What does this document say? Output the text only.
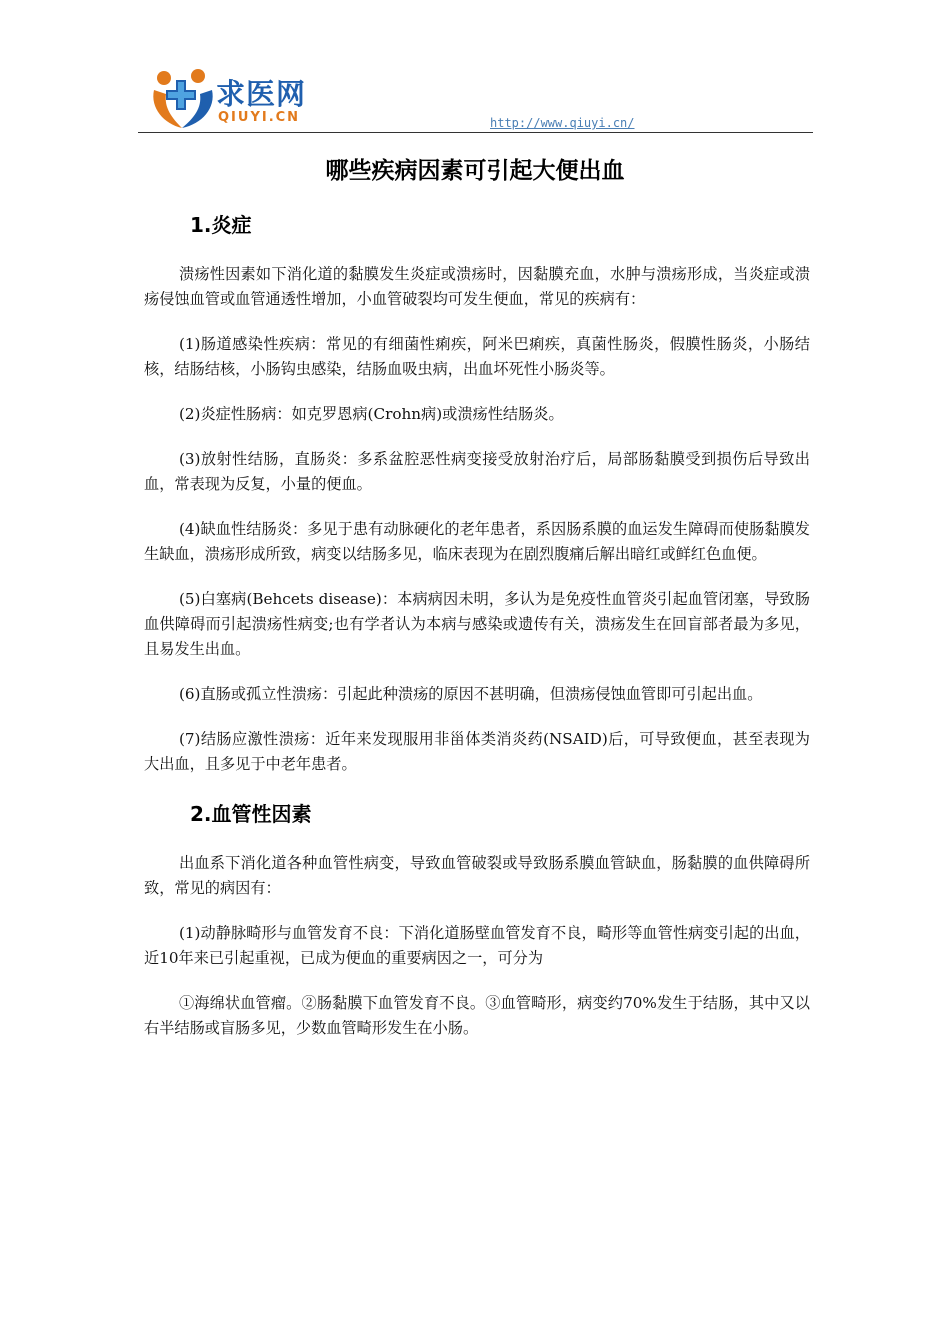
求医网
QIUYI.CN	http://www.qiuyi.cn/
哪些疾病因素可引起大便出血
1.炎症

溃疡性因素如下消化道的黏膜发生炎症或溃疡时，因黏膜充血，水肿与溃疡形成，当炎症或溃疡侵蚀血管或血管通透性增加，小血管破裂均可发生便血，常见的疾病有：

(1)肠道感染性疾病：常见的有细菌性痢疾，阿米巴痢疾，真菌性肠炎，假膜性肠炎，小肠结核，结肠结核，小肠钩虫感染，结肠血吸虫病，出血坏死性小肠炎等。

(2)炎症性肠病：如克罗恩病(Crohn病)或溃疡性结肠炎。

(3)放射性结肠，直肠炎：多系盆腔恶性病变接受放射治疗后，局部肠黏膜受到损伤后导致出血，常表现为反复，小量的便血。

(4)缺血性结肠炎：多见于患有动脉硬化的老年患者，系因肠系膜的血运发生障碍而使肠黏膜发生缺血，溃疡形成所致，病变以结肠多见，临床表现为在剧烈腹痛后解出暗红或鲜红色血便。

(5)白塞病(Behcets disease)：本病病因未明，多认为是免疫性血管炎引起血管闭塞，导致肠血供障碍而引起溃疡性病变;也有学者认为本病与感染或遗传有关，溃疡发生在回盲部者最为多见，且易发生出血。

(6)直肠或孤立性溃疡：引起此种溃疡的原因不甚明确，但溃疡侵蚀血管即可引起出血。

(7)结肠应激性溃疡：近年来发现服用非甾体类消炎药(NSAID)后，可导致便血，甚至表现为大出血，且多见于中老年患者。

2.血管性因素

出血系下消化道各种血管性病变，导致血管破裂或导致肠系膜血管缺血，肠黏膜的血供障碍所致，常见的病因有：

(1)动静脉畸形与血管发育不良：下消化道肠壁血管发育不良，畸形等血管性病变引起的出血，近10年来已引起重视，已成为便血的重要病因之一，可分为

①海绵状血管瘤。②肠黏膜下血管发育不良。③血管畸形，病变约70%发生于结肠，其中又以右半结肠或盲肠多见，少数血管畸形发生在小肠。
